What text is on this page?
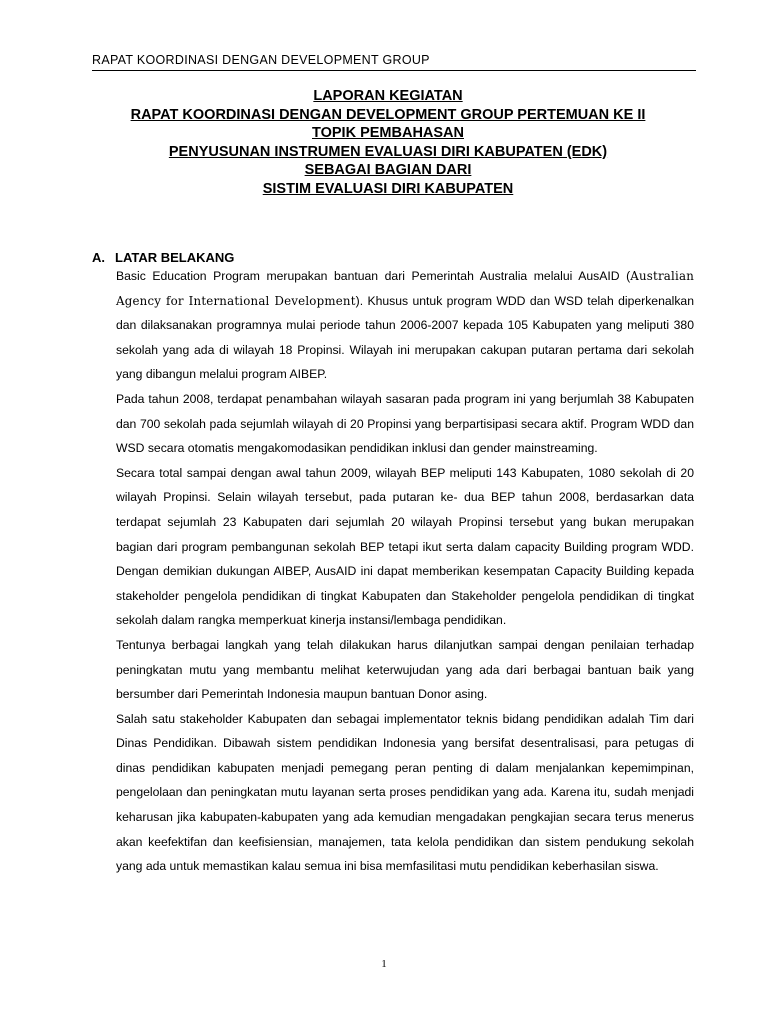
RAPAT KOORDINASI DENGAN DEVELOPMENT GROUP
LAPORAN KEGIATAN
RAPAT KOORDINASI DENGAN DEVELOPMENT GROUP PERTEMUAN KE II
TOPIK PEMBAHASAN
PENYUSUNAN INSTRUMEN EVALUASI DIRI KABUPATEN (EDK)
SEBAGAI BAGIAN DARI
SISTIM EVALUASI DIRI KABUPATEN
A. LATAR BELAKANG

Basic Education Program merupakan bantuan dari Pemerintah Australia melalui AusAID (Australian Agency for International Development). Khusus untuk program WDD dan WSD telah diperkenalkan dan dilaksanakan programnya mulai periode tahun 2006-2007 kepada 105 Kabupaten yang meliputi 380 sekolah yang ada di wilayah 18 Propinsi. Wilayah ini merupakan cakupan putaran pertama dari sekolah yang dibangun melalui program AIBEP.

Pada tahun 2008, terdapat penambahan wilayah sasaran pada program ini yang berjumlah 38 Kabupaten dan 700 sekolah pada sejumlah wilayah di 20 Propinsi yang berpartisipasi secara aktif. Program WDD dan WSD secara otomatis mengakomodasikan pendidikan inklusi dan gender mainstreaming.

Secara total sampai dengan awal tahun 2009, wilayah BEP meliputi 143 Kabupaten, 1080 sekolah di 20 wilayah Propinsi. Selain wilayah tersebut, pada putaran ke- dua BEP tahun 2008, berdasarkan data terdapat sejumlah 23 Kabupaten dari sejumlah 20 wilayah Propinsi tersebut yang bukan merupakan bagian dari program pembangunan sekolah BEP tetapi ikut serta dalam capacity Building program WDD. Dengan demikian dukungan AIBEP, AusAID ini dapat memberikan kesempatan Capacity Building kepada stakeholder pengelola pendidikan di tingkat Kabupaten dan Stakeholder pengelola pendidikan di tingkat sekolah dalam rangka memperkuat kinerja instansi/lembaga pendidikan.

Tentunya berbagai langkah yang telah dilakukan harus dilanjutkan sampai dengan penilaian terhadap peningkatan mutu yang membantu melihat keterwujudan yang ada dari berbagai bantuan baik yang bersumber dari Pemerintah Indonesia maupun bantuan Donor asing.

Salah satu stakeholder Kabupaten dan sebagai implementator teknis bidang pendidikan adalah Tim dari Dinas Pendidikan. Dibawah sistem pendidikan Indonesia yang bersifat desentralisasi, para petugas di dinas pendidikan kabupaten menjadi pemegang peran penting di dalam menjalankan kepemimpinan, pengelolaan dan peningkatan mutu layanan serta proses pendidikan yang ada. Karena itu, sudah menjadi keharusan jika kabupaten-kabupaten yang ada kemudian mengadakan pengkajian secara terus menerus akan keefektifan dan keefisiensian, manajemen, tata kelola pendidikan dan sistem pendukung sekolah yang ada untuk memastikan kalau semua ini bisa memfasilitasi mutu pendidikan keberhasilan siswa.

1
